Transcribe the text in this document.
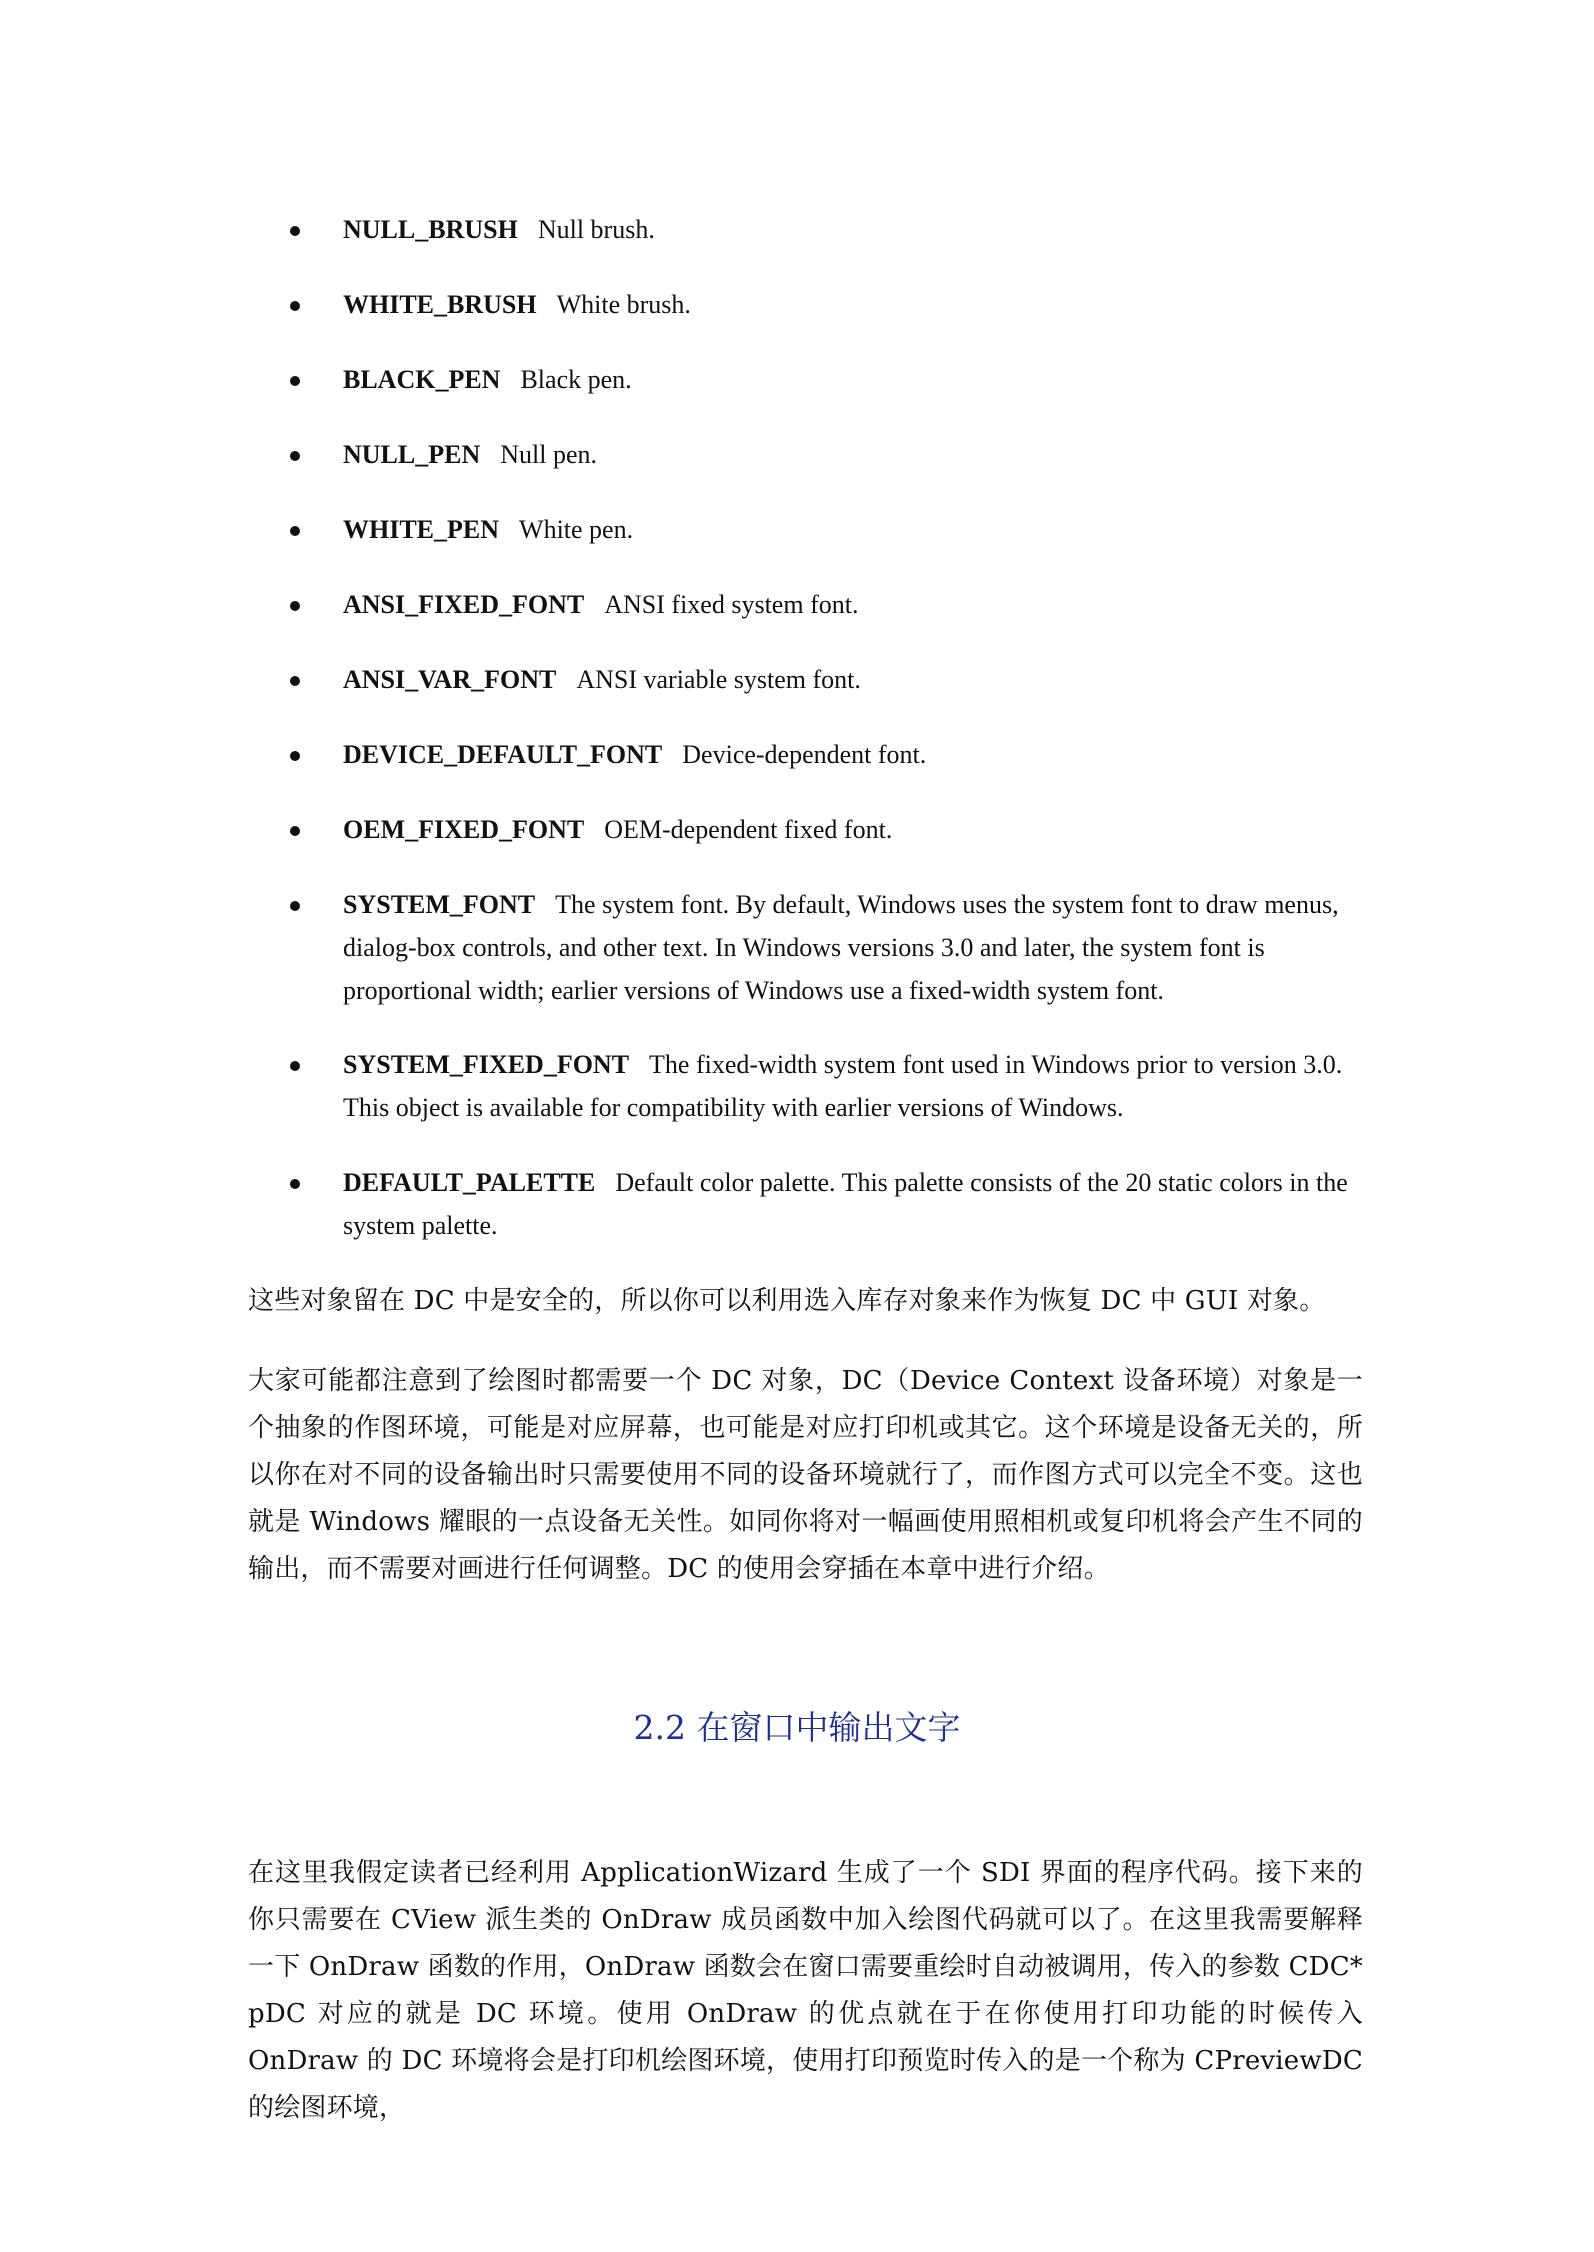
NULL_BRUSH Null brush.
WHITE_BRUSH White brush.
BLACK_PEN Black pen.
NULL_PEN Null pen.
WHITE_PEN White pen.
ANSI_FIXED_FONT ANSI fixed system font.
ANSI_VAR_FONT ANSI variable system font.
DEVICE_DEFAULT_FONT Device-dependent font.
OEM_FIXED_FONT OEM-dependent fixed font.
SYSTEM_FONT The system font. By default, Windows uses the system font to draw menus, dialog-box controls, and other text. In Windows versions 3.0 and later, the system font is proportional width; earlier versions of Windows use a fixed-width system font.
SYSTEM_FIXED_FONT The fixed-width system font used in Windows prior to version 3.0. This object is available for compatibility with earlier versions of Windows.
DEFAULT_PALETTE Default color palette. This palette consists of the 20 static colors in the system palette.
这些对象留在 DC 中是安全的，所以你可以利用选入库存对象来作为恢复 DC 中 GUI 对象。
大家可能都注意到了绘图时都需要一个 DC 对象，DC（Device Context 设备环境）对象是一个抽象的作图环境，可能是对应屏幕，也可能是对应打印机或其它。这个环境是设备无关的，所以你在对不同的设备输出时只需要使用不同的设备环境就行了，而作图方式可以完全不变。这也就是 Windows 耀眼的一点设备无关性。如同你将对一幅画使用照相机或复印机将会产生不同的输出，而不需要对画进行任何调整。DC 的使用会穿插在本章中进行介绍。
2.2 在窗口中输出文字
在这里我假定读者已经利用 ApplicationWizard 生成了一个 SDI 界面的程序代码。接下来的你只需要在 CView 派生类的 OnDraw 成员函数中加入绘图代码就可以了。在这里我需要解释一下 OnDraw 函数的作用，OnDraw 函数会在窗口需要重绘时自动被调用，传入的参数 CDC* pDC 对应的就是 DC 环境。使用 OnDraw 的优点就在于在你使用打印功能的时候传入 OnDraw 的 DC 环境将会是打印机绘图环境，使用打印预览时传入的是一个称为 CPreviewDC 的绘图环境，
